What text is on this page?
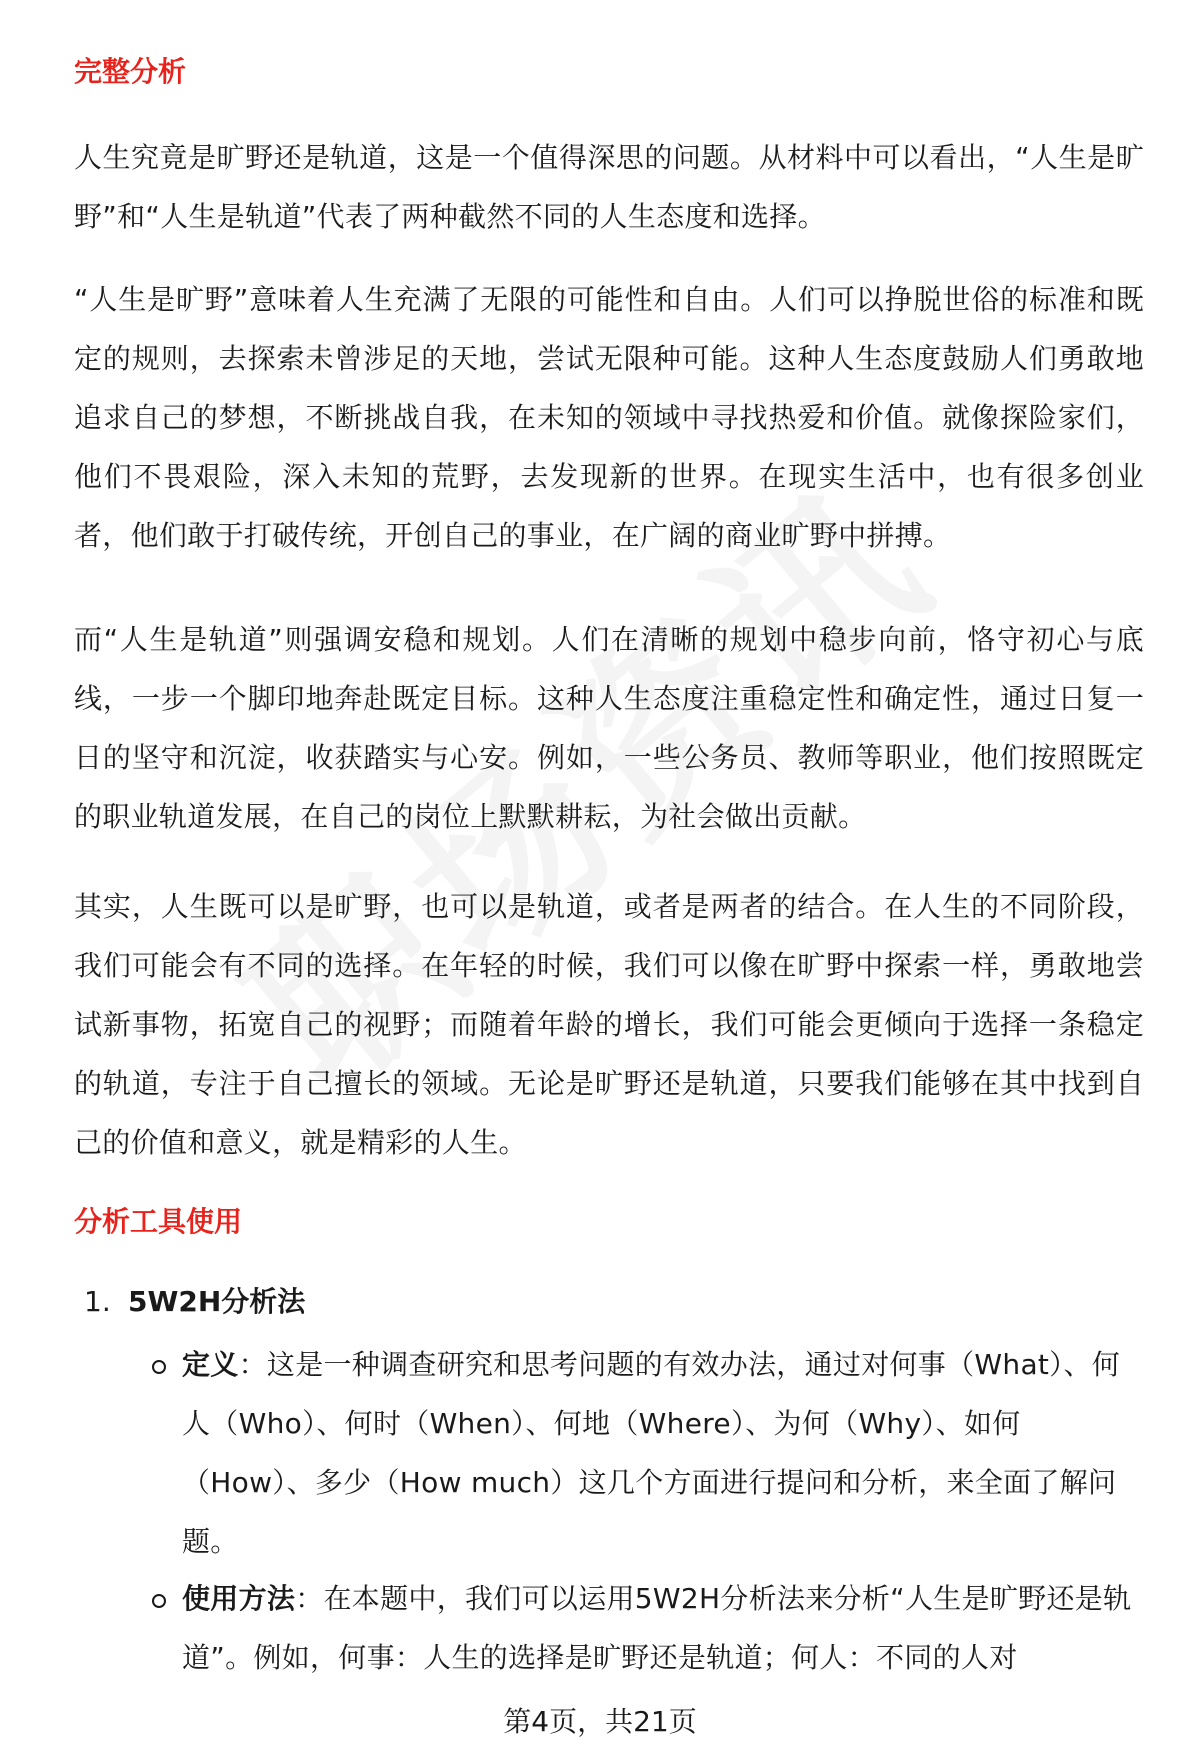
完整分析

人生究竟是旷野还是轨道，这是一个值得深思的问题。从材料中可以看出，“人生是旷野”和“人生是轨道”代表了两种截然不同的人生态度和选择。

“人生是旷野”意味着人生充满了无限的可能性和自由。人们可以挣脱世俗的标准和既定的规则，去探索未曾涉足的天地，尝试无限种可能。这种人生态度鼓励人们勇敢地追求自己的梦想，不断挑战自我，在未知的领域中寻找热爱和价值。就像探险家们，他们不畏艰险，深入未知的荒野，去发现新的世界。在现实生活中，也有很多创业者，他们敢于打破传统，开创自己的事业，在广阔的商业旷野中拼搏。

而“人生是轨道”则强调安稳和规划。人们在清晰的规划中稳步向前，恪守初心与底线，一步一个脚印地奔赴既定目标。这种人生态度注重稳定性和确定性，通过日复一日的坚守和沉淀，收获踏实与心安。例如，一些公务员、教师等职业，他们按照既定的职业轨道发展，在自己的岗位上默默耕耘，为社会做出贡献。

其实，人生既可以是旷野，也可以是轨道，或者是两者的结合。在人生的不同阶段，我们可能会有不同的选择。在年轻的时候，我们可以像在旷野中探索一样，勇敢地尝试新事物，拓宽自己的视野；而随着年龄的增长，我们可能会更倾向于选择一条稳定的轨道，专注于自己擅长的领域。无论是旷野还是轨道，只要我们能够在其中找到自己的价值和意义，就是精彩的人生。

分析工具使用
1. 5W2H分析法

定义：这是一种调查研究和思考问题的有效办法，通过对何事（What）、何人（Who）、何时（When）、何地（Where）、为何（Why）、如何（How）、多少（How much）这几个方面进行提问和分析，来全面了解问题。

使用方法：在本题中，我们可以运用5W2H分析法来分析“人生是旷野还是轨道”。例如，何事：人生的选择是旷野还是轨道；何人：不同的人对

第4页，共21页
